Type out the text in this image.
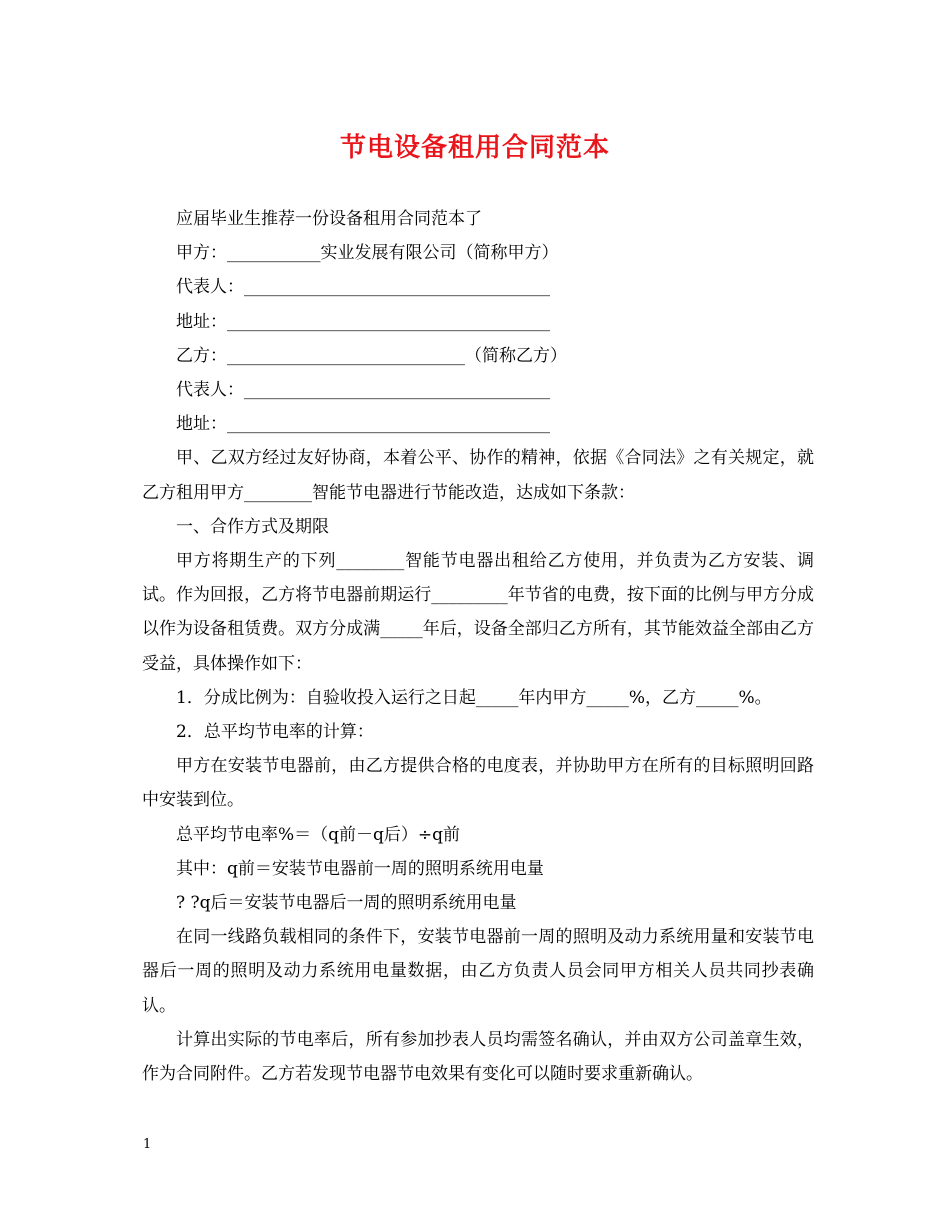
节电设备租用合同范本

应届毕业生推荐一份设备租用合同范本了

甲方：___________实业发展有限公司（简称甲方）

代表人：____________________________________

地址：______________________________________

乙方：____________________________（简称乙方）

代表人：____________________________________

地址：______________________________________

甲、乙双方经过友好协商，本着公平、协作的精神，依据《合同法》之有关规定，就乙方租用甲方________智能节电器进行节能改造，达成如下条款：

一、合作方式及期限

甲方将期生产的下列________智能节电器出租给乙方使用，并负责为乙方安装、调试。作为回报，乙方将节电器前期运行_________年节省的电费，按下面的比例与甲方分成以作为设备租赁费。双方分成满_____年后，设备全部归乙方所有，其节能效益全部由乙方受益，具体操作如下：

1．分成比例为：自验收投入运行之日起_____年内甲方_____%，乙方_____%。

2．总平均节电率的计算：

甲方在安装节电器前，由乙方提供合格的电度表，并协助甲方在所有的目标照明回路中安装到位。

总平均节电率%＝（q前－q后）÷q前

其中：q前＝安装节电器前一周的照明系统用电量

? ?q后＝安装节电器后一周的照明系统用电量

在同一线路负载相同的条件下，安装节电器前一周的照明及动力系统用量和安装节电器后一周的照明及动力系统用电量数据，由乙方负责人员会同甲方相关人员共同抄表确认。

计算出实际的节电率后，所有参加抄表人员均需签名确认，并由双方公司盖章生效，作为合同附件。乙方若发现节电器节电效果有变化可以随时要求重新确认。

1
